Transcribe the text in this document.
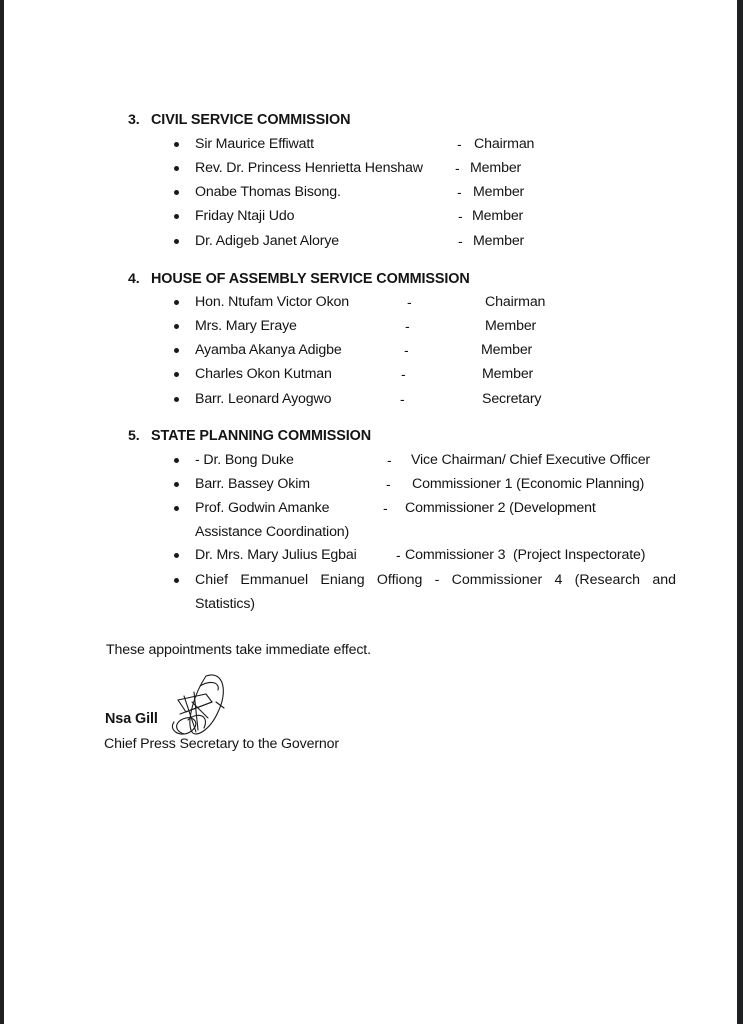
3. CIVIL SERVICE COMMISSION
Sir Maurice Effiwatt	- Chairman
Rev. Dr. Princess Henrietta Henshaw - Member
Onabe Thomas Bisong.	- Member
Friday Ntaji Udo	- Member
Dr. Adigeb Janet Alorye	- Member
4. HOUSE OF ASSEMBLY SERVICE COMMISSION
Hon. Ntufam Victor Okon	-	Chairman
Mrs. Mary Eraye	-	Member
Ayamba Akanya Adigbe	-	Member
Charles Okon Kutman	-	Member
Barr. Leonard Ayogwo	-	Secretary
5. STATE PLANNING COMMISSION
- Dr. Bong Duke	- Vice Chairman/ Chief Executive Officer
Barr. Bassey Okim	- Commissioner 1 (Economic Planning)
Prof. Godwin Amanke	- Commissioner 2 (Development
Assistance Coordination)
Dr. Mrs. Mary Julius Egbai	- Commissioner 3  (Project Inspectorate)
Chief Emmanuel Eniang Offiong - Commissioner 4 (Research and
Statistics)
These appointments take immediate effect.
Nsa Gill
Chief Press Secretary to the Governor
